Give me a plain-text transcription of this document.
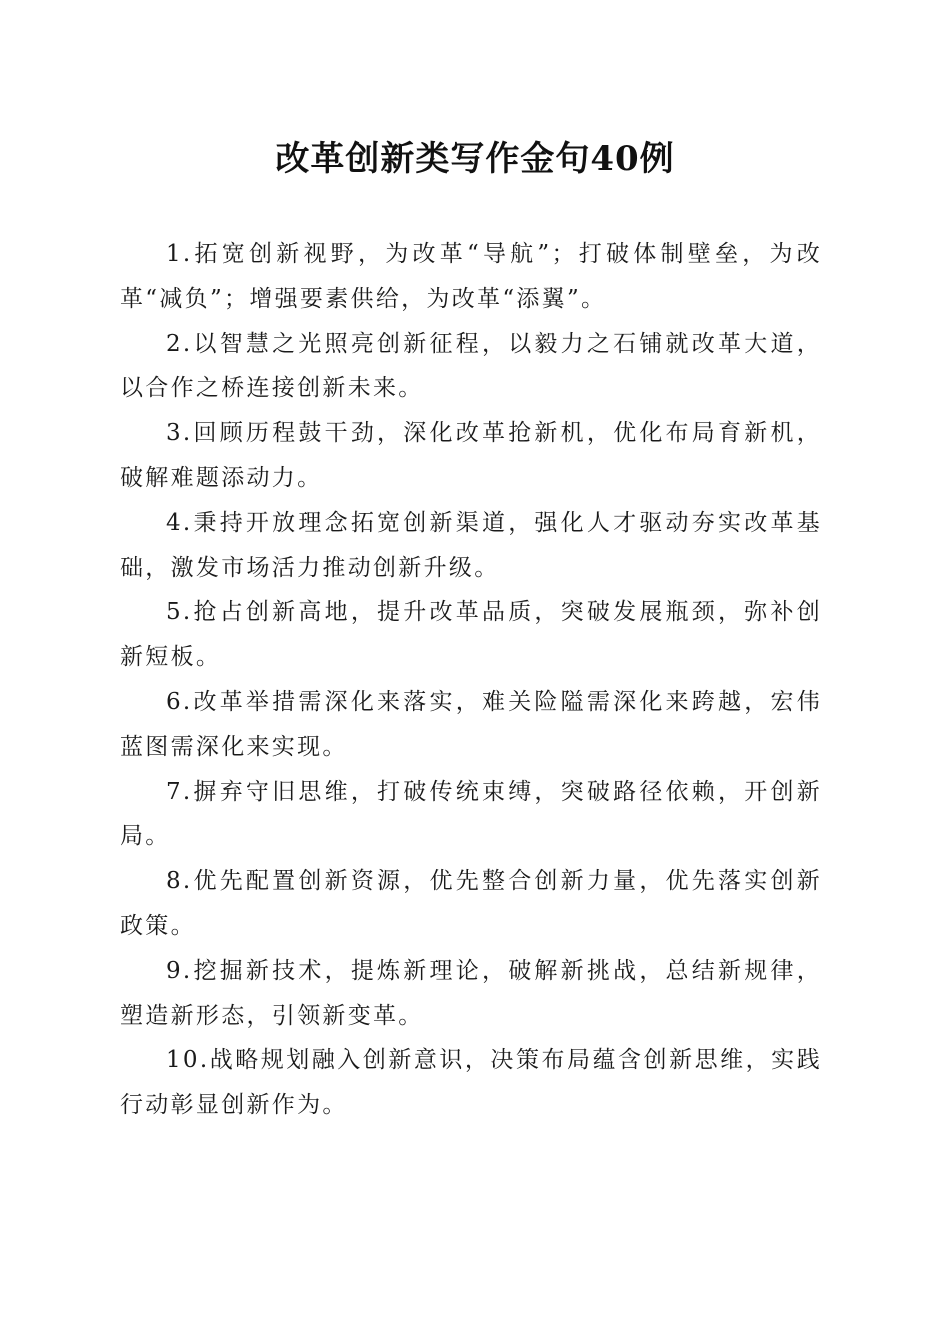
改革创新类写作金句40例

1.拓宽创新视野，为改革“导航”；打破体制壁垒，为改革“减负”；增强要素供给，为改革“添翼”。

2.以智慧之光照亮创新征程，以毅力之石铺就改革大道，以合作之桥连接创新未来。

3.回顾历程鼓干劲，深化改革抢新机，优化布局育新机，破解难题添动力。

4.秉持开放理念拓宽创新渠道，强化人才驱动夯实改革基础，激发市场活力推动创新升级。

5.抢占创新高地，提升改革品质，突破发展瓶颈，弥补创新短板。

6.改革举措需深化来落实，难关险隘需深化来跨越，宏伟蓝图需深化来实现。

7.摒弃守旧思维，打破传统束缚，突破路径依赖，开创新局。

8.优先配置创新资源，优先整合创新力量，优先落实创新政策。

9.挖掘新技术，提炼新理论，破解新挑战，总结新规律，塑造新形态，引领新变革。

10.战略规划融入创新意识，决策布局蕴含创新思维，实践行动彰显创新作为。
